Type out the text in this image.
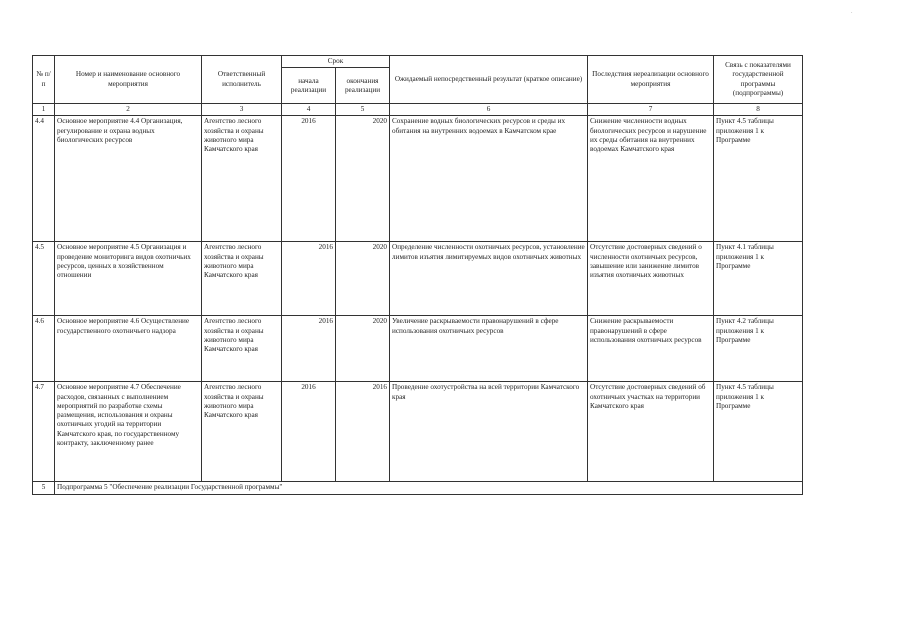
.
№ п/п	Номер и наименование основного мероприятия	Ответственный исполнитель	Срок		Ожидаемый непосредственный результат (краткое описание)	Последствия нереализации основного мероприятия	Связь с показателями государственной программы (подпрограммы)
			начала реализации	окончания реализации			
1	2	3	4	5	6	7	8
4.4	Основное мероприятие 4.4 Организация, регулирование и охрана водных биологических ресурсов	Агентство лесного хозяйства и охраны животного мира Камчатского края	2016	2020	Сохранение водных биологических ресурсов и среды их обитания на внутренних водоемах в Камчатском крае	Снижение численности водных биологических ресурсов и нарушение их среды обитания на внутренних водоемах Камчатского края	Пункт 4.5 таблицы приложения 1 к Программе
4.5	Основное мероприятие 4.5 Организация и проведение мониторинга видов охотничьих ресурсов, ценных в хозяйственном отношении	Агентство лесного хозяйства и охраны животного мира Камчатского края	2016	2020	Определение численности охотничьих ресурсов, установление лимитов изъятия лимитируемых видов охотничьих животных	Отсутствие достоверных сведений о численности охотничьих ресурсов, завышение или занижение лимитов изъятия охотничьих животных	Пункт 4.1 таблицы приложения 1 к Программе
4.6	Основное мероприятие 4.6 Осуществление государственного охотничьего надзора	Агентство лесного хозяйства и охраны животного мира Камчатского края	2016	2020	Увеличение раскрываемости правонарушений в сфере использования охотничьих ресурсов	Снижение раскрываемости правонарушений в сфере использования охотничьих ресурсов	Пункт 4.2 таблицы приложения 1 к Программе
4.7	Основное мероприятие 4.7 Обеспечение расходов, связанных с выполнением мероприятий по разработке схемы размещения, использования и охраны охотничьих угодий на территории Камчатского края, по государственному контракту, заключенному ранее	Агентство лесного хозяйства и охраны животного мира Камчатского края	2016	2016	Проведение охотустройства на всей территории Камчатского края	Отсутствие достоверных сведений об охотничьих участках на территории Камчатского края	Пункт 4.5 таблицы приложения 1 к Программе
5	Подпрограмма 5 "Обеспечение реализации Государственной программы"						
